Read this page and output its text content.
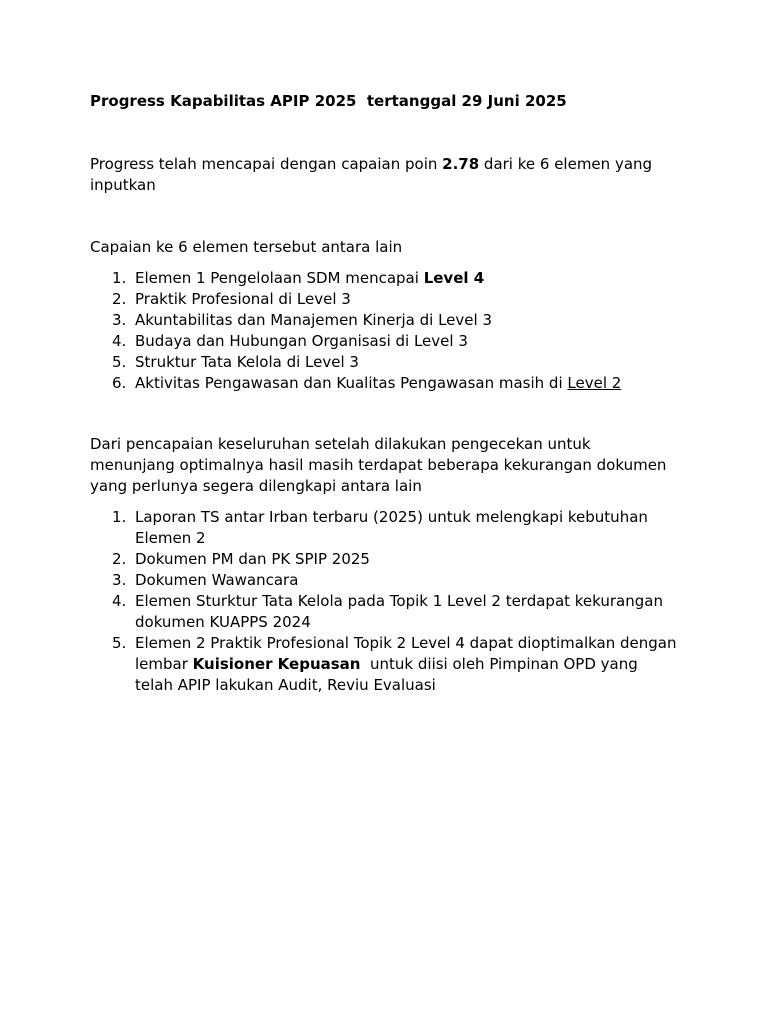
Progress Kapabilitas APIP 2025  tertanggal 29 Juni 2025

Progress telah mencapai dengan capaian poin 2.78 dari ke 6 elemen yang inputkan

Capaian ke 6 elemen tersebut antara lain

1. Elemen 1 Pengelolaan SDM mencapai Level 4
2. Praktik Profesional di Level 3
3. Akuntabilitas dan Manajemen Kinerja di Level 3
4. Budaya dan Hubungan Organisasi di Level 3
5. Struktur Tata Kelola di Level 3
6. Aktivitas Pengawasan dan Kualitas Pengawasan masih di Level 2

Dari pencapaian keseluruhan setelah dilakukan pengecekan untuk menunjang optimalnya hasil masih terdapat beberapa kekurangan dokumen yang perlunya segera dilengkapi antara lain

1. Laporan TS antar Irban terbaru (2025) untuk melengkapi kebutuhan Elemen 2
2. Dokumen PM dan PK SPIP 2025
3. Dokumen Wawancara
4. Elemen Sturktur Tata Kelola pada Topik 1 Level 2 terdapat kekurangan dokumen KUAPPS 2024
5. Elemen 2 Praktik Profesional Topik 2 Level 4 dapat dioptimalkan dengan lembar Kuisioner Kepuasan  untuk diisi oleh Pimpinan OPD yang telah APIP lakukan Audit, Reviu Evaluasi
